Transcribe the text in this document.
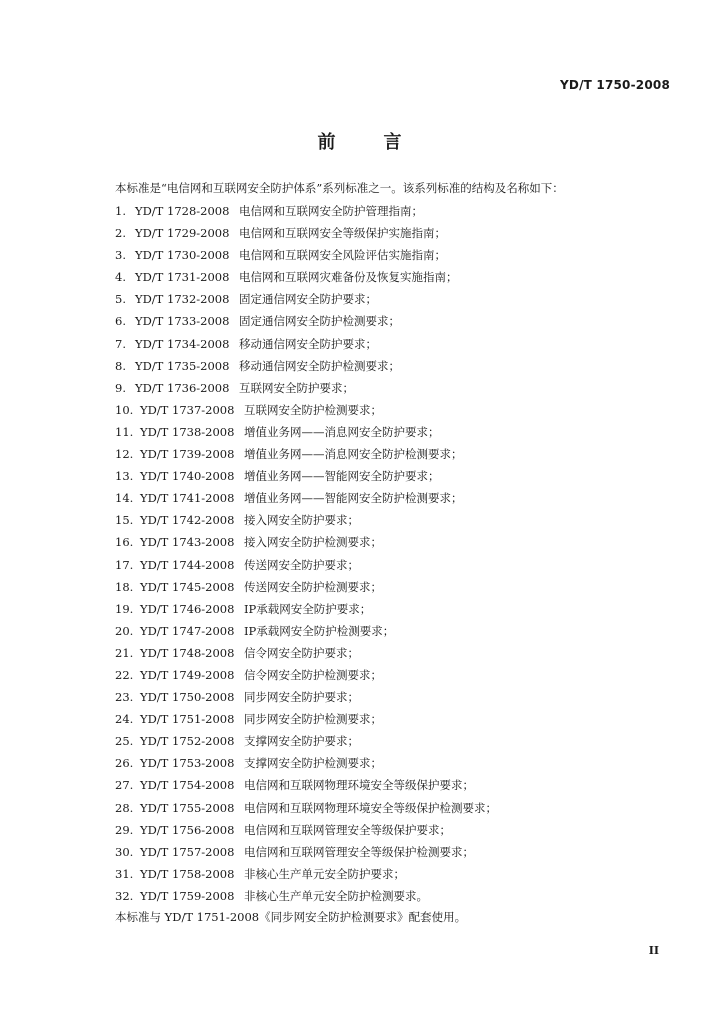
YD/T 1750-2008
前	言
本标准是“电信网和互联网安全防护体系”系列标准之一。该系列标准的结构及名称如下：
1. YD/T 1728-2008 电信网和互联网安全防护管理指南；
2. YD/T 1729-2008 电信网和互联网安全等级保护实施指南；
3. YD/T 1730-2008 电信网和互联网安全风险评估实施指南；
4. YD/T 1731-2008 电信网和互联网灾难备份及恢复实施指南；
5. YD/T 1732-2008 固定通信网安全防护要求；
6. YD/T 1733-2008 固定通信网安全防护检测要求；
7. YD/T 1734-2008 移动通信网安全防护要求；
8. YD/T 1735-2008 移动通信网安全防护检测要求；
9. YD/T 1736-2008 互联网安全防护要求；
10. YD/T 1737-2008 互联网安全防护检测要求；
11. YD/T 1738-2008 增值业务网——消息网安全防护要求；
12. YD/T 1739-2008 增值业务网——消息网安全防护检测要求；
13. YD/T 1740-2008 增值业务网——智能网安全防护要求；
14. YD/T 1741-2008 增值业务网——智能网安全防护检测要求；
15. YD/T 1742-2008 接入网安全防护要求；
16. YD/T 1743-2008 接入网安全防护检测要求；
17. YD/T 1744-2008 传送网安全防护要求；
18. YD/T 1745-2008 传送网安全防护检测要求；
19. YD/T 1746-2008 IP承载网安全防护要求；
20. YD/T 1747-2008 IP承载网安全防护检测要求；
21. YD/T 1748-2008 信令网安全防护要求；
22. YD/T 1749-2008 信令网安全防护检测要求；
23. YD/T 1750-2008 同步网安全防护要求；
24. YD/T 1751-2008 同步网安全防护检测要求；
25. YD/T 1752-2008 支撑网安全防护要求；
26. YD/T 1753-2008 支撑网安全防护检测要求；
27. YD/T 1754-2008 电信网和互联网物理环境安全等级保护要求；
28. YD/T 1755-2008 电信网和互联网物理环境安全等级保护检测要求；
29. YD/T 1756-2008 电信网和互联网管理安全等级保护要求；
30. YD/T 1757-2008 电信网和互联网管理安全等级保护检测要求；
31. YD/T 1758-2008 非核心生产单元安全防护要求；
32. YD/T 1759-2008 非核心生产单元安全防护检测要求。
本标准与 YD/T 1751-2008《同步网安全防护检测要求》配套使用。
II
